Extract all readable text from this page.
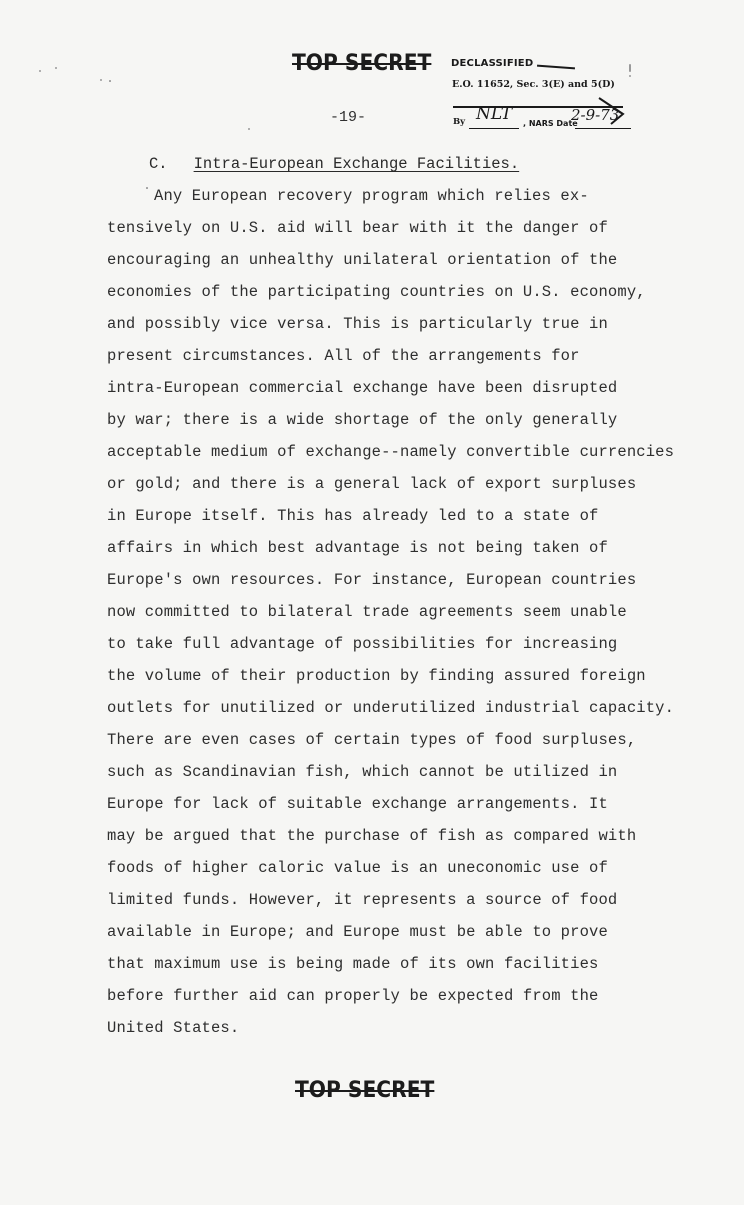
TOP SECRET DECLASSIFIED
E.O. 11652, Sec. 3(E) and 5(D)
By NLT , NARS Date
2-9-73
-19-
C. Intra-European Exchange Facilities.
Any European recovery program which relies ex-
tensively on U.S. aid will bear with it the danger of
encouraging an unhealthy unilateral orientation of the
economies of the participating countries on U.S. economy,
and possibly vice versa. This is particularly true in
present circumstances. All of the arrangements for
intra-European commercial exchange have been disrupted
by war; there is a wide shortage of the only generally
acceptable medium of exchange--namely convertible currencies
or gold; and there is a general lack of export surpluses
in Europe itself. This has already led to a state of
affairs in which best advantage is not being taken of
Europe's own resources. For instance, European countries
now committed to bilateral trade agreements seem unable
to take full advantage of possibilities for increasing
the volume of their production by finding assured foreign
outlets for unutilized or underutilized industrial capacity.
There are even cases of certain types of food surpluses,
such as Scandinavian fish, which cannot be utilized in
Europe for lack of suitable exchange arrangements. It
may be argued that the purchase of fish as compared with
foods of higher caloric value is an uneconomic use of
limited funds. However, it represents a source of food
available in Europe; and Europe must be able to prove
that maximum use is being made of its own facilities
before further aid can properly be expected from the
United States.
TOP SECRET
